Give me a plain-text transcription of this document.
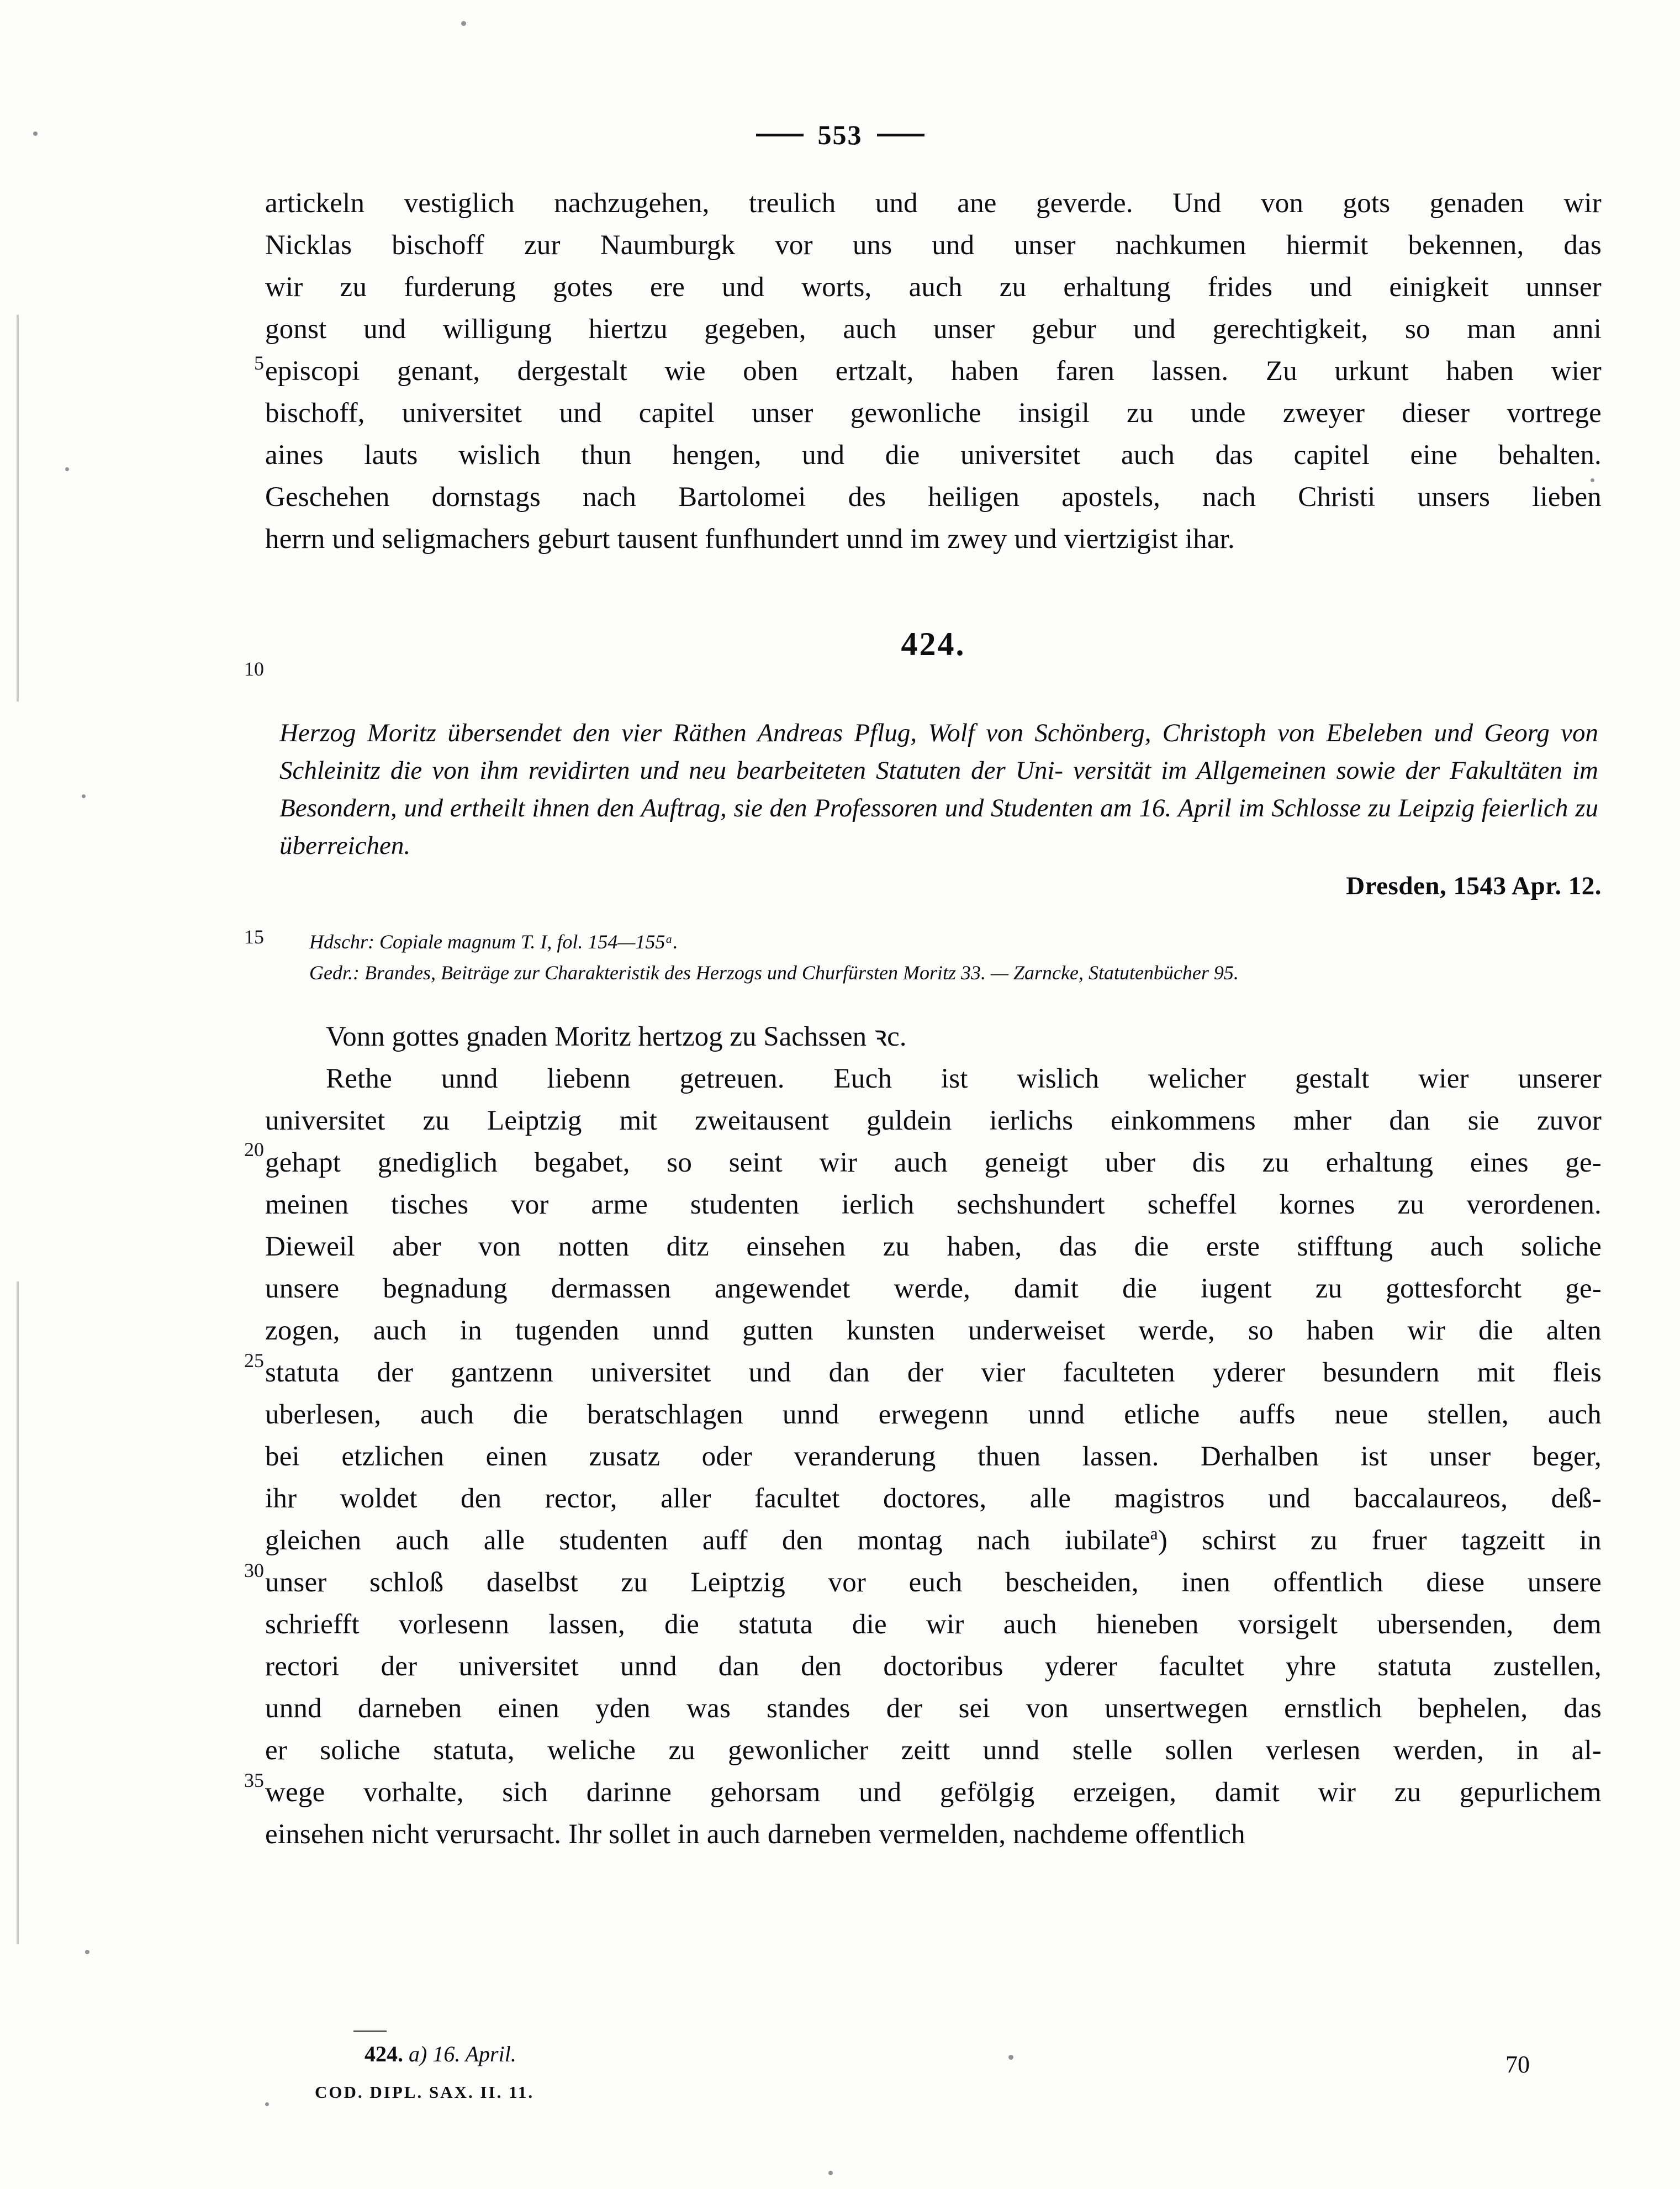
553
artickeln vestiglich nachzugehen, treulich und ane geverde. Und von gots genaden wir
Nicklas bischoff zur Naumburgk vor uns und unser nachkumen hiermit bekennen, das
wir zu furderung gotes ere und worts, auch zu erhaltung frides und einigkeit unnser
gonst und willigung hiertzu gegeben, auch unser gebur und gerechtigkeit, so man anni
episcopi genant, dergestalt wie oben ertzalt, haben faren lassen. Zu urkunt haben wier
bischoff, universitet und capitel unser gewonliche insigil zu unde zweyer dieser vortrege
aines lauts wislich thun hengen, und die universitet auch das capitel eine behalten.
Geschehen dornstags nach Bartolomei des heiligen apostels, nach Christi unsers lieben
herrn und seligmachers geburt tausent funfhundert unnd im zwey und viertzigist ihar.
5
424.
10
Herzog Moritz übersendet den vier Räthen Andreas Pflug, Wolf von Schönberg, Christoph von Ebeleben und Georg von Schleinitz die von ihm revidirten und neu bearbeiteten Statuten der Uni- versität im Allgemeinen sowie der Fakultäten im Besondern, und ertheilt ihnen den Auftrag, sie den Professoren und Studenten am 16. April im Schlosse zu Leipzig feierlich zu überreichen.
Dresden, 1543 Apr. 12.
15 Hdschr: Copiale magnum T. I, fol. 154—155ᵃ.
Gedr.: Brandes, Beiträge zur Charakteristik des Herzogs und Churfürsten Moritz 33. — Zarncke, Statutenbücher 95.
Vonn gottes gnaden Moritz hertzog zu Sachssen ꝛc.
Rethe unnd liebenn getreuen. Euch ist wislich welicher gestalt wier unserer
universitet zu Leiptzig mit zweitausent guldein ierlichs einkommens mher dan sie zuvor
gehapt gnediglich begabet, so seint wir auch geneigt uber dis zu erhaltung eines ge-
meinen tisches vor arme studenten ierlich sechshundert scheffel kornes zu verordenen.
Dieweil aber von notten ditz einsehen zu haben, das die erste stifftung auch soliche
unsere begnadung dermassen angewendet werde, damit die iugent zu gottesforcht ge-
zogen, auch in tugenden unnd gutten kunsten underweiset werde, so haben wir die alten
statuta der gantzenn universitet und dan der vier faculteten yderer besundern mit fleis
uberlesen, auch die beratschlagen unnd erwegenn unnd etliche auffs neue stellen, auch
bei etzlichen einen zusatz oder veranderung thuen lassen. Derhalben ist unser beger,
ihr woldet den rector, aller facultet doctores, alle magistros und baccalaureos, deß-
gleichen auch alle studenten auff den montag nach iubilate$^a$) schirst zu fruer tagzeitt in
unser schloß daselbst zu Leiptzig vor euch bescheiden, inen offentlich diese unsere
schriefft vorlesenn lassen, die statuta die wir auch hieneben vorsigelt ubersenden, dem
rectori der universitet unnd dan den doctoribus yderer facultet yhre statuta zustellen,
unnd darneben einen yden was standes der sei von unsertwegen ernstlich bephelen, das
er soliche statuta, weliche zu gewonlicher zeitt unnd stelle sollen verlesen werden, in al-
wege vorhalte, sich darinne gehorsam und gefölgig erzeigen, damit wir zu gepurlichem
einsehen nicht verursacht. Ihr sollet in auch darneben vermelden, nachdeme offentlich
20
25
30
35
424. a) 16. April.
COD. DIPL. SAX. II. 11.
70
